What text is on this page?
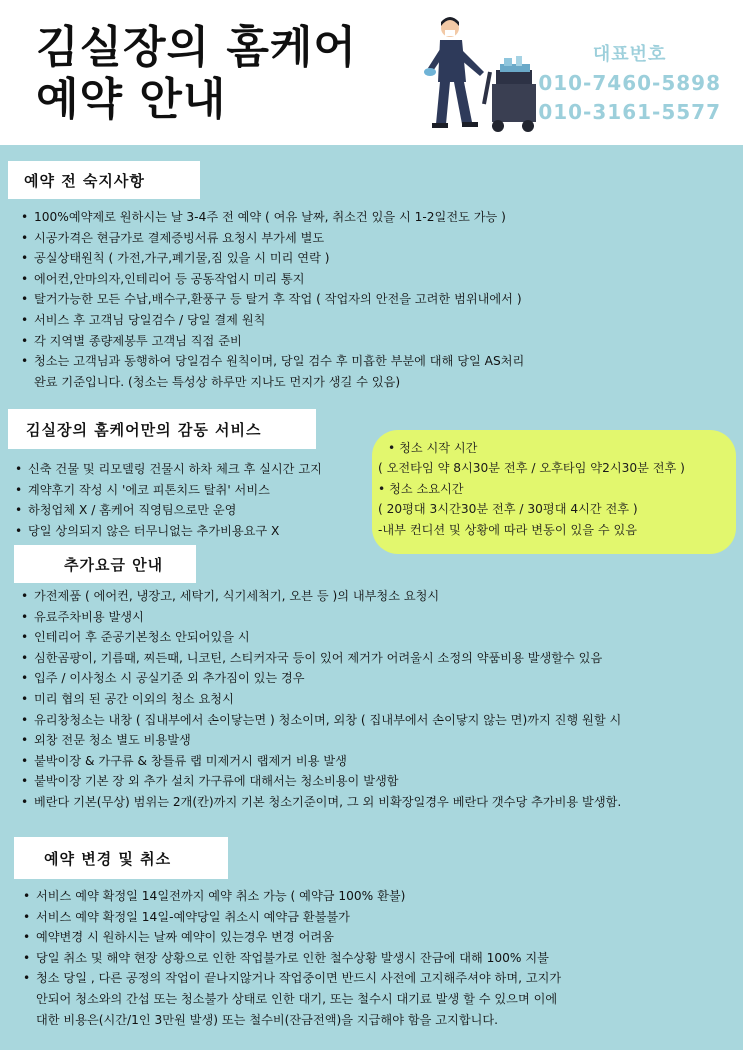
김실장의 홈케어
예약 안내
대표번호
010-7460-5898
010-3161-5577
예약 전 숙지사항
• 100%예약제로 원하시는 날 3-4주 전 예약 ( 여유 날짜, 취소건 있을 시 1-2일전도 가능 )
• 시공가격은 현금가로 결제증빙서류 요청시 부가세 별도
• 공실상태원칙 ( 가전,가구,폐기물,짐 있을 시 미리 연락 )
• 에어컨,안마의자,인테리어 등 공동작업시 미리 통지
• 탈거가능한 모든 수납,배수구,환풍구 등 탈거 후 작업 ( 작업자의 안전을 고려한 범위내에서 )
• 서비스 후 고객님 당일검수 / 당일 결제 원칙
• 각 지역별 종량제봉투 고객님 직접 준비
• 청소는 고객님과 동행하여 당일검수 원칙이며, 당일 검수 후 미흡한 부분에 대해 당일 AS처리
완료 기준입니다. (청소는 특성상 하루만 지나도 먼지가 생길 수 있음)
김실장의 홈케어만의 감동 서비스
• 신축 건물 및 리모델링 건물시 하차 체크 후 실시간 고지
• 계약후기 작성 시 '에코 피톤치드 탈취' 서비스
• 하청업체 X / 홈케어 직영팀으로만 운영
• 당일 상의되지 않은 터무니없는 추가비용요구 X
• 청소 시작 시간
( 오전타임 약 8시30분 전후 / 오후타임 약2시30분 전후 )
• 청소 소요시간
( 20평대 3시간30분 전후 / 30평대 4시간 전후 )
-내부 컨디션 및 상황에 따라 변동이 있을 수 있음
추가요금 안내
• 가전제품 ( 에어컨, 냉장고, 세탁기, 식기세척기, 오븐 등 )의 내부청소 요청시
• 유료주차비용 발생시
• 인테리어 후 준공기본청소 안되어있을 시
• 심한곰팡이, 기름때, 찌든때, 니코틴, 스티커자국 등이 있어 제거가 어려울시 소정의 약품비용 발생할수 있음
• 입주 / 이사청소 시 공실기준 외 추가짐이 있는 경우
• 미리 협의 된 공간 이외의 청소 요청시
• 유리창청소는 내창 ( 집내부에서 손이닿는면 ) 청소이며, 외창 ( 집내부에서 손이닿지 않는 면)까지 진행 원할 시
• 외창 전문 청소 별도 비용발생
• 붙박이장 & 가구류 & 창틀류 랩 미제거시 랩제거 비용 발생
• 붙박이장 기본 장 외 추가 설치 가구류에 대해서는 청소비용이 발생함
• 베란다 기본(무상) 범위는 2개(칸)까지 기본 청소기준이며, 그 외 비확장일경우 베란다 갯수당 추가비용 발생함.
예약 변경 및 취소
• 서비스 예약 확정일 14일전까지 예약 취소 가능 ( 예약금 100% 환불)
• 서비스 예약 확정일 14일-예약당일 취소시 예약금 환불불가
• 예약변경 시 원하시는 날짜 예약이 있는경우 변경 어려움
• 당일 취소 및 해약 현장 상황으로 인한 작업불가로 인한 철수상황 발생시 잔금에 대해 100% 지불
• 청소 당일 , 다른 공정의 작업이 끝나지않거나 작업중이면 반드시 사전에 고지해주셔야 하며, 고지가
안되어 청소와의 간섭 또는 청소불가 상태로 인한 대기, 또는 철수시 대기료 발생 할 수 있으며 이에
대한 비용은(시간/1인 3만원 발생) 또는 철수비(잔금전액)을 지급해야 함을 고지합니다.
